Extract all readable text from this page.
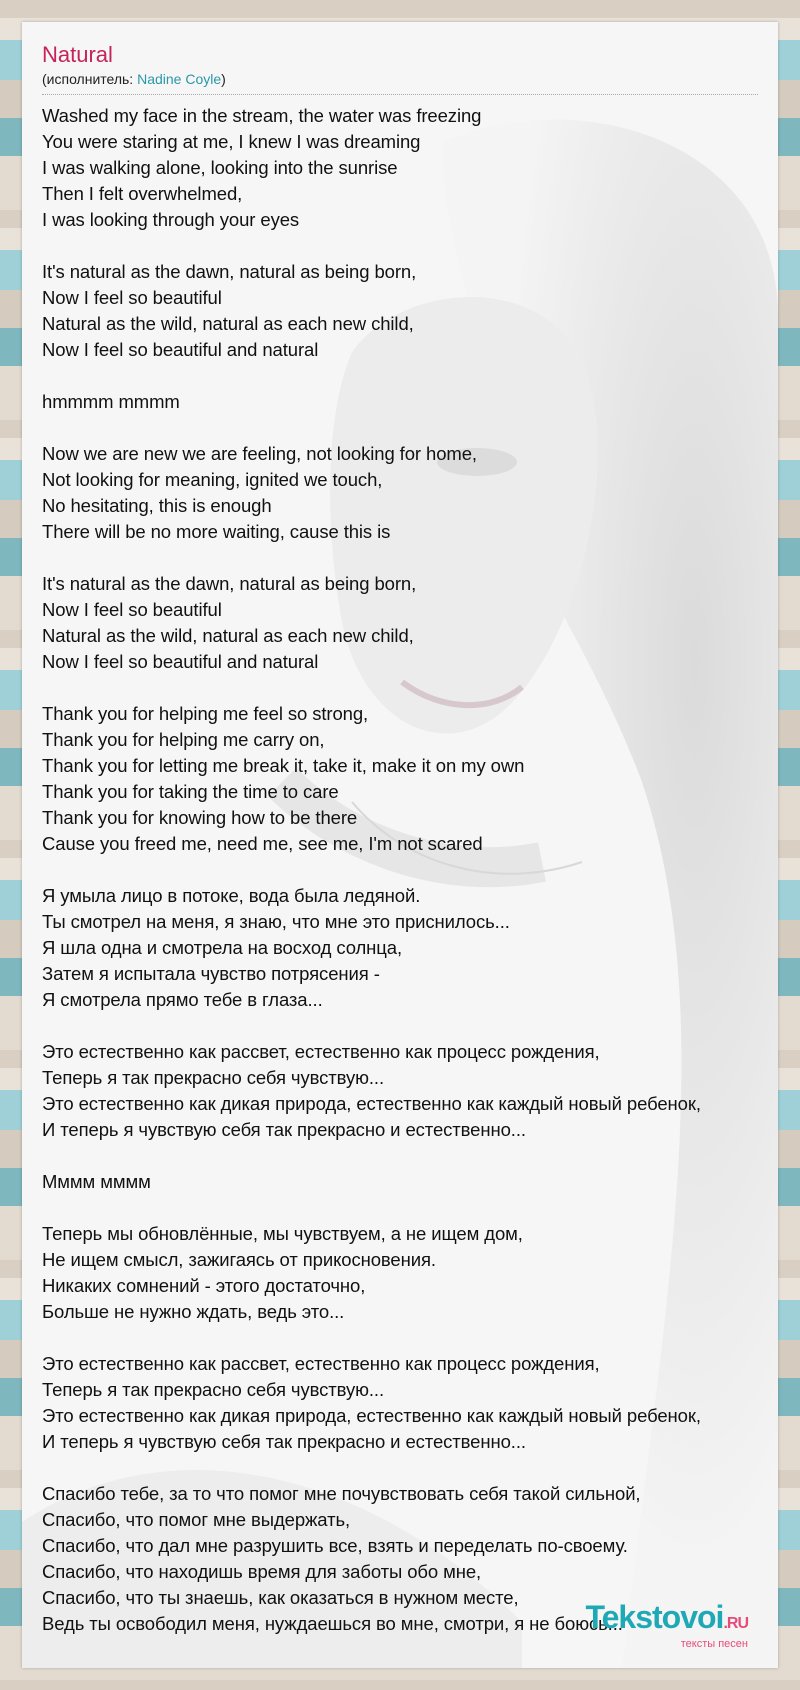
Natural
(исполнитель: Nadine Coyle)
Washed my face in the stream, the water was freezing
You were staring at me, I knew I was dreaming
I was walking alone, looking into the sunrise
Then I felt overwhelmed,
I was looking through your eyes

It's natural as the dawn, natural as being born,
Now I feel so beautiful
Natural as the wild, natural as each new child,
Now I feel so beautiful and natural

hmmmm mmmm

Now we are new we are feeling, not looking for home,
Not looking for meaning, ignited we touch,
No hesitating, this is enough
There will be no more waiting, cause this is

It's natural as the dawn, natural as being born,
Now I feel so beautiful
Natural as the wild, natural as each new child,
Now I feel so beautiful and natural

Thank you for helping me feel so strong,
Thank you for helping me carry on,
Thank you for letting me break it, take it, make it on my own
Thank you for taking the time to care
Thank you for knowing how to be there
Cause you freed me, need me, see me, I'm not scared

Я умыла лицо в потоке, вода была ледяной.
Ты смотрел на меня, я знаю, что мне это приснилось...
Я шла одна и смотрела на восход солнца,
Затем я испытала чувство потрясения -
Я смотрела прямо тебе в глаза...

Это естественно как рассвет, естественно как процесс рождения,
Теперь я так прекрасно себя чувствую...
Это естественно как дикая природа, естественно как каждый новый ребенок,
И теперь я чувствую себя так прекрасно и естественно...

Мммм мммм

Теперь мы обновлённые, мы чувствуем, а не ищем дом,
Не ищем смысл, зажигаясь от прикосновения.
Никаких сомнений - этого достаточно,
Больше не нужно ждать, ведь это...

Это естественно как рассвет, естественно как процесс рождения,
Теперь я так прекрасно себя чувствую...
Это естественно как дикая природа, естественно как каждый новый ребенок,
И теперь я чувствую себя так прекрасно и естественно...

Спасибо тебе, за то что помог мне почувствовать себя такой сильной,
Спасибо, что помог мне выдержать,
Спасибо, что дал мне разрушить все, взять и переделать по-своему.
Спасибо, что находишь время для заботы обо мне,
Спасибо, что ты знаешь, как оказаться в нужном месте,
Ведь ты освободил меня, нуждаешься во мне, смотри, я не боюсь...
Tekstovoi.RU
тексты песен
